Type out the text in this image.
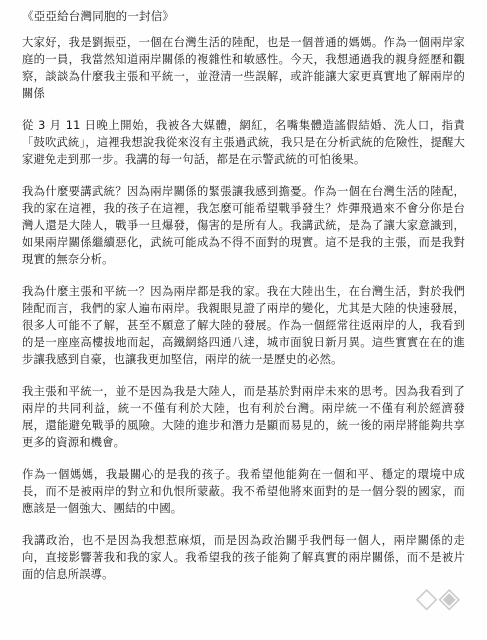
《亞亞給台灣同胞的一封信》

大家好，我是劉振亞，一個在台灣生活的陸配，也是一個普通的媽媽。作為一個兩岸家庭的一員，我當然知道兩岸關係的複雜性和敏感性。今天，我想通過我的親身經歷和觀察，談談為什麼我主張和平統一，並澄清一些誤解，或許能讓大家更真實地了解兩岸的關係

從 3 月 11 日晚上開始，我被各大媒體，網紅，名嘴集體造謠假結婚、洗人口，指責「鼓吹武統」，這裡我想說我從來沒有主張過武統，我只是在分析武統的危險性，提醒大家避免走到那一步。我講的每一句話，都是在示警武統的可怕後果。

我為什麼要講武統？因為兩岸關係的緊張讓我感到擔憂。作為一個在台灣生活的陸配，我的家在這裡，我的孩子在這裡，我怎麼可能希望戰爭發生？炸彈飛過來不會分你是台灣人還是大陸人，戰爭一旦爆發，傷害的是所有人。我講武統，是為了讓大家意識到，如果兩岸關係繼續惡化，武統可能成為不得不面對的現實。這不是我的主張，而是我對現實的無奈分析。

我為什麼主張和平統一？因為兩岸都是我的家。我在大陸出生，在台灣生活，對於我們陸配而言，我們的家人遍布兩岸。我親眼見證了兩岸的變化，尤其是大陸的快速發展，很多人可能不了解，甚至不願意了解大陸的發展。作為一個經常往返兩岸的人，我看到的是一座座高樓拔地而起，高鐵網絡四通八達，城市面貌日新月異。這些實實在在的進步讓我感到自豪，也讓我更加堅信，兩岸的統一是歷史的必然。

我主張和平統一，並不是因為我是大陸人，而是基於對兩岸未來的思考。因為我看到了兩岸的共同利益，統一不僅有利於大陸，也有利於台灣。兩岸統一不僅有利於經濟發展，還能避免戰爭的風險。大陸的進步和潛力是顯而易見的，統一後的兩岸將能夠共享更多的資源和機會。

作為一個媽媽，我最關心的是我的孩子。我希望他能夠在一個和平、穩定的環境中成長，而不是被兩岸的對立和仇恨所蒙蔽。我不希望他將來面對的是一個分裂的國家，而應該是一個強大、團結的中國。

我講政治，也不是因為我想惹麻煩，而是因為政治關乎我們每一個人，兩岸關係的走向，直接影響著我和我的家人。我希望我的孩子能夠了解真實的兩岸關係，而不是被片面的信息所誤導。

◇◈
